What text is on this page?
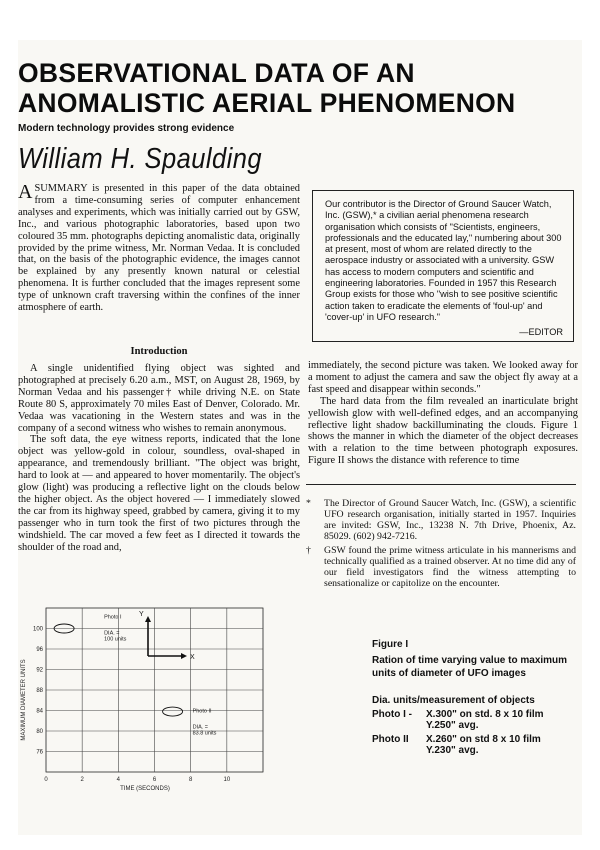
OBSERVATIONAL DATA OF AN
ANOMALISTIC AERIAL PHENOMENON
Modern technology provides strong evidence
William H. Spaulding

ASUMMARY is presented in this paper of the data obtained from a time-consuming series of computer enhancement analyses and experiments, which was initially carried out by GSW, Inc., and various photographic laboratories, based upon two coloured 35 mm. photographs depicting anomalistic data, originally provided by the prime witness, Mr. Norman Vedaa. It is concluded that, on the basis of the photographic evidence, the images cannot be explained by any presently known natural or celestial phenomena. It is further concluded that the images represent some type of unknown craft traversing within the confines of the inner atmosphere of earth.

Our contributor is the Director of Ground Saucer Watch, Inc. (GSW),* a civilian aerial phenomena research organisation which consists of "Scientists, engineers, professionals and the educated lay," numbering about 300 at present, most of whom are related directly to the aerospace industry or associated with a university. GSW has access to modern computers and scientific and engineering laboratories. Founded in 1957 this Research Group exists for those who "wish to see positive scientific action taken to eradicate the elements of 'foul-up' and 'cover-up' in UFO research."
—EDITOR
Introduction

A single unidentified flying object was sighted and photographed at precisely 6.20 a.m., MST, on August 28, 1969, by Norman Vedaa and his passenger† while driving N.E. on State Route 80 S, approximately 70 miles East of Denver, Colorado. Mr. Vedaa was vacationing in the Western states and was in the company of a second witness who wishes to remain anonymous.

The soft data, the eye witness reports, indicated that the lone object was yellow-gold in colour, soundless, oval-shaped in appearance, and tremendously brilliant. "The object was bright, hard to look at — and appeared to hover momentarily. The object's glow (light) was producing a reflective light on the clouds below the higher object. As the object hovered — I immediately slowed the car from its highway speed, grabbed by camera, giving it to my passenger who in turn took the first of two pictures through the windshield. The car moved a few feet as I directed it towards the shoulder of the road and,

immediately, the second picture was taken. We looked away for a moment to adjust the camera and saw the object fly away at a fast speed and disappear within seconds."

The hard data from the film revealed an inarticulate bright yellowish glow with well-defined edges, and an accompanying reflective light shadow backilluminating the clouds. Figure 1 shows the manner in which the diameter of the object decreases with a relation to the time between photograph exposures. Figure II shows the distance with reference to time

* The Director of Ground Saucer Watch, Inc. (GSW), a scientific UFO research organisation, initially started in 1957. Inquiries are invited: GSW, Inc., 13238 N. 7th Drive, Phoenix, Az. 85029. (602) 942-7216.
† GSW found the prime witness articulate in his mannerisms and technically qualified as a trained observer. At no time did any of our field investigators find the witness attempting to sensationalize or capitolize on the encounter.
0	2	4	6	8	10
76
80
84
88
92
96
100
Photo I
DIA. =
100 units
Photo II
DIA. =
83.8 units
MAXIMUM DIAMETER UNITS
TIME (SECONDS)
X
Y
Figure I
Ration of time varying value to maximum units of diameter of UFO images
Dia. units/measurement of objects
Photo I -	X.300" on std. 8 x 10 film
Y.250" avg.
Photo II	X.260" on std 8 x 10 film
Y.230" avg.
